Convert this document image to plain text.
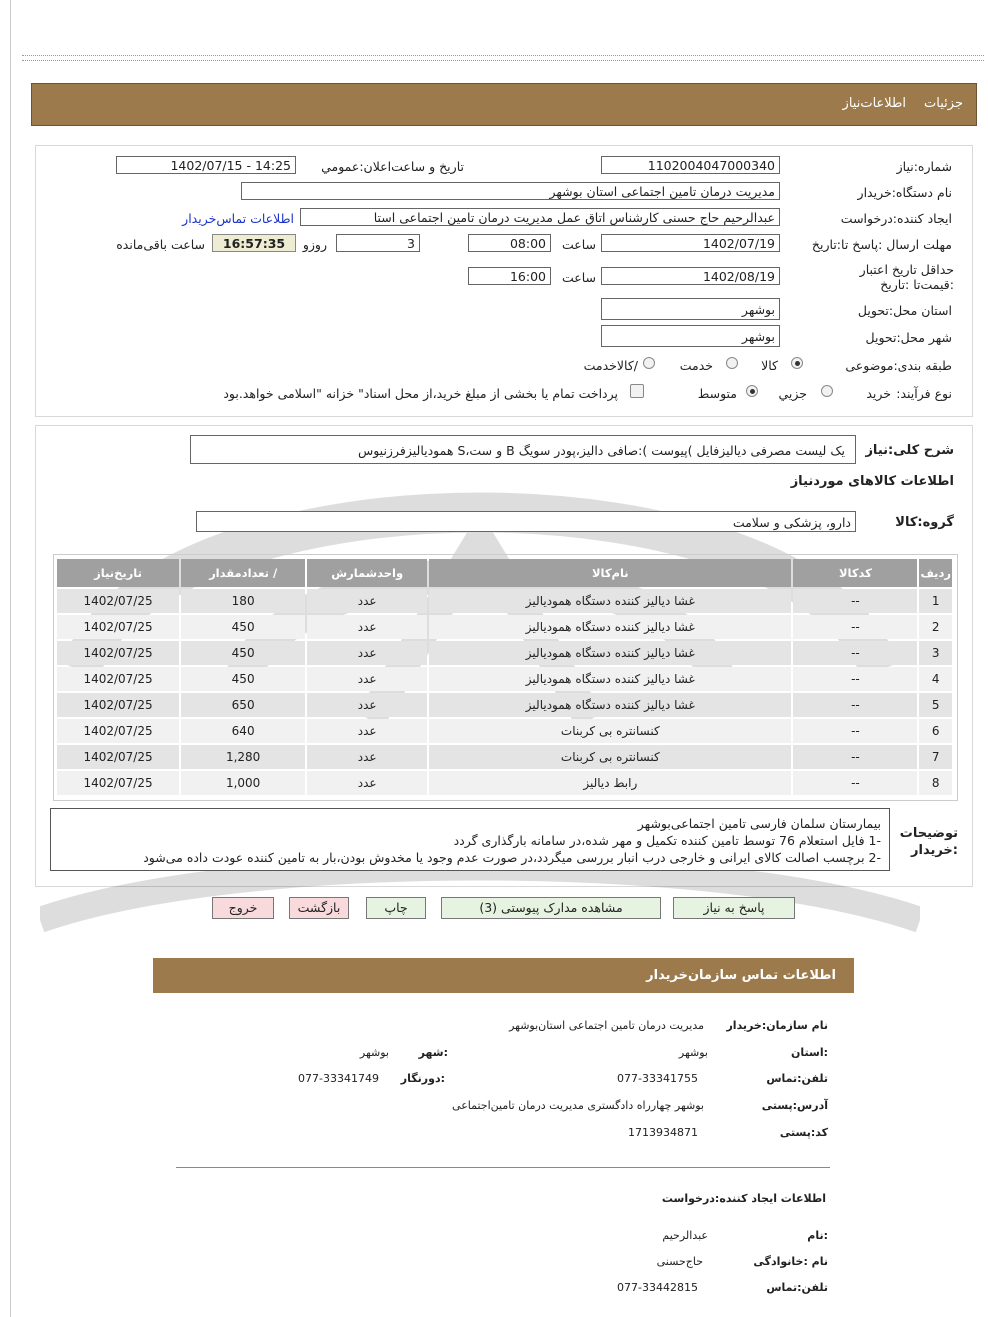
جزئیات
اطلاعات‌نیاز
شماره:نیاز
1102004047000340
تاریخ و ساعت‌اعلان:عمومي
1402/07/15 - 14:25
نام دستگاه:خریدار
مدیریت درمان تامین اجتماعی استان بوشهر
ایجاد کننده:درخواست
عبدالرحیم حاج حسنی کارشناس اتاق عمل مدیریت درمان تامین اجتماعی استا
اطلاعات تماس‌خریدار
مهلت ارسال :پاسخ تا:تاریخ
1402/07/19
ساعت
08:00
3
روزو
16:57:35
ساعت باقی‌مانده
حداقل تاریخ اعتبار :قیمت‌تا :تاریخ
1402/08/19
ساعت
16:00
استان محل:تحویل
بوشهر
شهر محل:تحویل
بوشهر
طبقه بندی:موضوعی
کالا
خدمت
/کالاخدمت
نوع فرآیند:
خرید
جزيي
متوسط
پرداخت تمام یا بخشی از مبلغ خرید،از محل اسناد" خزانه "اسلامی خواهد.بود
شرح کلی:نیاز
یک لیست مصرفی دیالیزفایل )پیوست ):صافی دالیز،پودر سویگ B و ست،S همودیالیزفرزنیوس
اطلاعات کالاهای مورد‌نیاز
گروه:کالا
دارو، پزشکی و سلامت
ردیف	کدکالا	نام‌کالا	واحدشمارش	/ تعدادمقدار	تاریخ‌نیاز
1	--	غشا دیالیز کننده دستگاه همودیالیز	عدد	180	1402/07/25
2	--	غشا دیالیز کننده دستگاه همودیالیز	عدد	450	1402/07/25
3	--	غشا دیالیز کننده دستگاه همودیالیز	عدد	450	1402/07/25
4	--	غشا دیالیز کننده دستگاه همودیالیز	عدد	450	1402/07/25
5	--	غشا دیالیز کننده دستگاه همودیالیز	عدد	650	1402/07/25
6	--	کنسانتره بی کربنات	عدد	640	1402/07/25
7	--	کنسانتره بی کربنات	عدد	1,280	1402/07/25
8	--	رابط دیالیز	عدد	1,000	1402/07/25
بیمارستان سلمان فارسی تامین اجتماعی‌بوشهر
-1 فایل استعلام 76 توسط تامین کننده تکمیل و مهر شده،در سامانه بارگذاری گردد
-2 برچسب اصالت کالای ایرانی و خارجی درب انبار بررسی میگردد،در صورت عدم وجود یا مخدوش بودن،بار به تامین کننده عودت داده می‌شود
توضیحات
:خریدار
پاسخ به نیاز
مشاهده مدارک پیوستی (3)
چاپ
بازگشت
خروج
اطلاعات تماس سازمان‌خریدار
نام سازمان:خریدار
مدیریت درمان تامین اجتماعی استان‌بوشهر
:استان
بوشهر
:شهر
بوشهر
تلفن:تماس
077-33341755
:دورنگار
077-33341749
آدرس:پستی
بوشهر چهارراه دادگستری مدیریت درمان تامین‌اجتماعی
کد:پستی
1713934871
اطلاعات ایجاد کننده:درخواست
:نام
عبدالرحیم
نام :خانوادگی
حاج‌حسنی
تلفن:تماس
077-33442815
